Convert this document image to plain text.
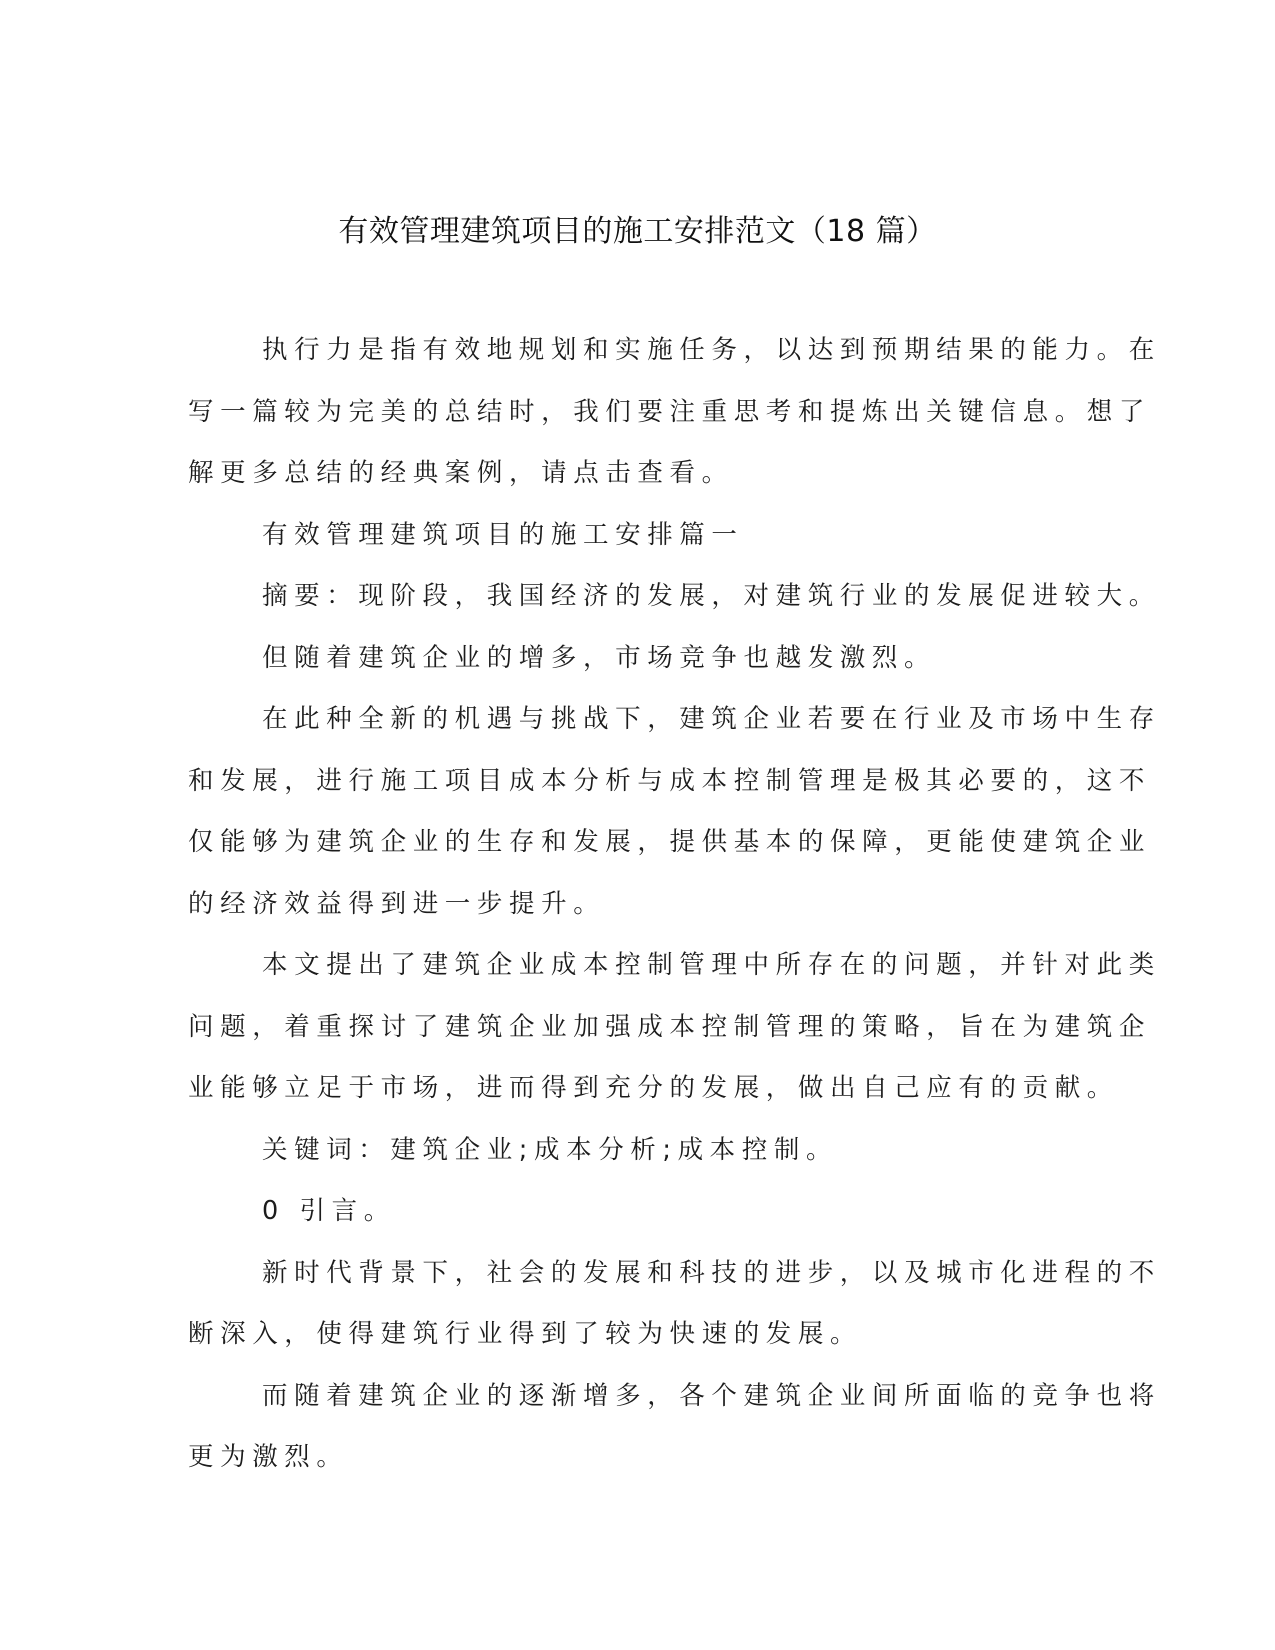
有效管理建筑项目的施工安排范文（18 篇）
执行力是指有效地规划和实施任务，以达到预期结果的能力。在
写一篇较为完美的总结时，我们要注重思考和提炼出关键信息。想了
解更多总结的经典案例，请点击查看。
有效管理建筑项目的施工安排篇一
摘要：现阶段，我国经济的发展，对建筑行业的发展促进较大。
但随着建筑企业的增多，市场竞争也越发激烈。
在此种全新的机遇与挑战下，建筑企业若要在行业及市场中生存
和发展，进行施工项目成本分析与成本控制管理是极其必要的，这不
仅能够为建筑企业的生存和发展，提供基本的保障，更能使建筑企业
的经济效益得到进一步提升。
本文提出了建筑企业成本控制管理中所存在的问题，并针对此类
问题，着重探讨了建筑企业加强成本控制管理的策略，旨在为建筑企
业能够立足于市场，进而得到充分的发展，做出自己应有的贡献。
关键词：建筑企业;成本分析;成本控制。
0 引言。
新时代背景下，社会的发展和科技的进步，以及城市化进程的不
断深入，使得建筑行业得到了较为快速的发展。
而随着建筑企业的逐渐增多，各个建筑企业间所面临的竞争也将
更为激烈。
